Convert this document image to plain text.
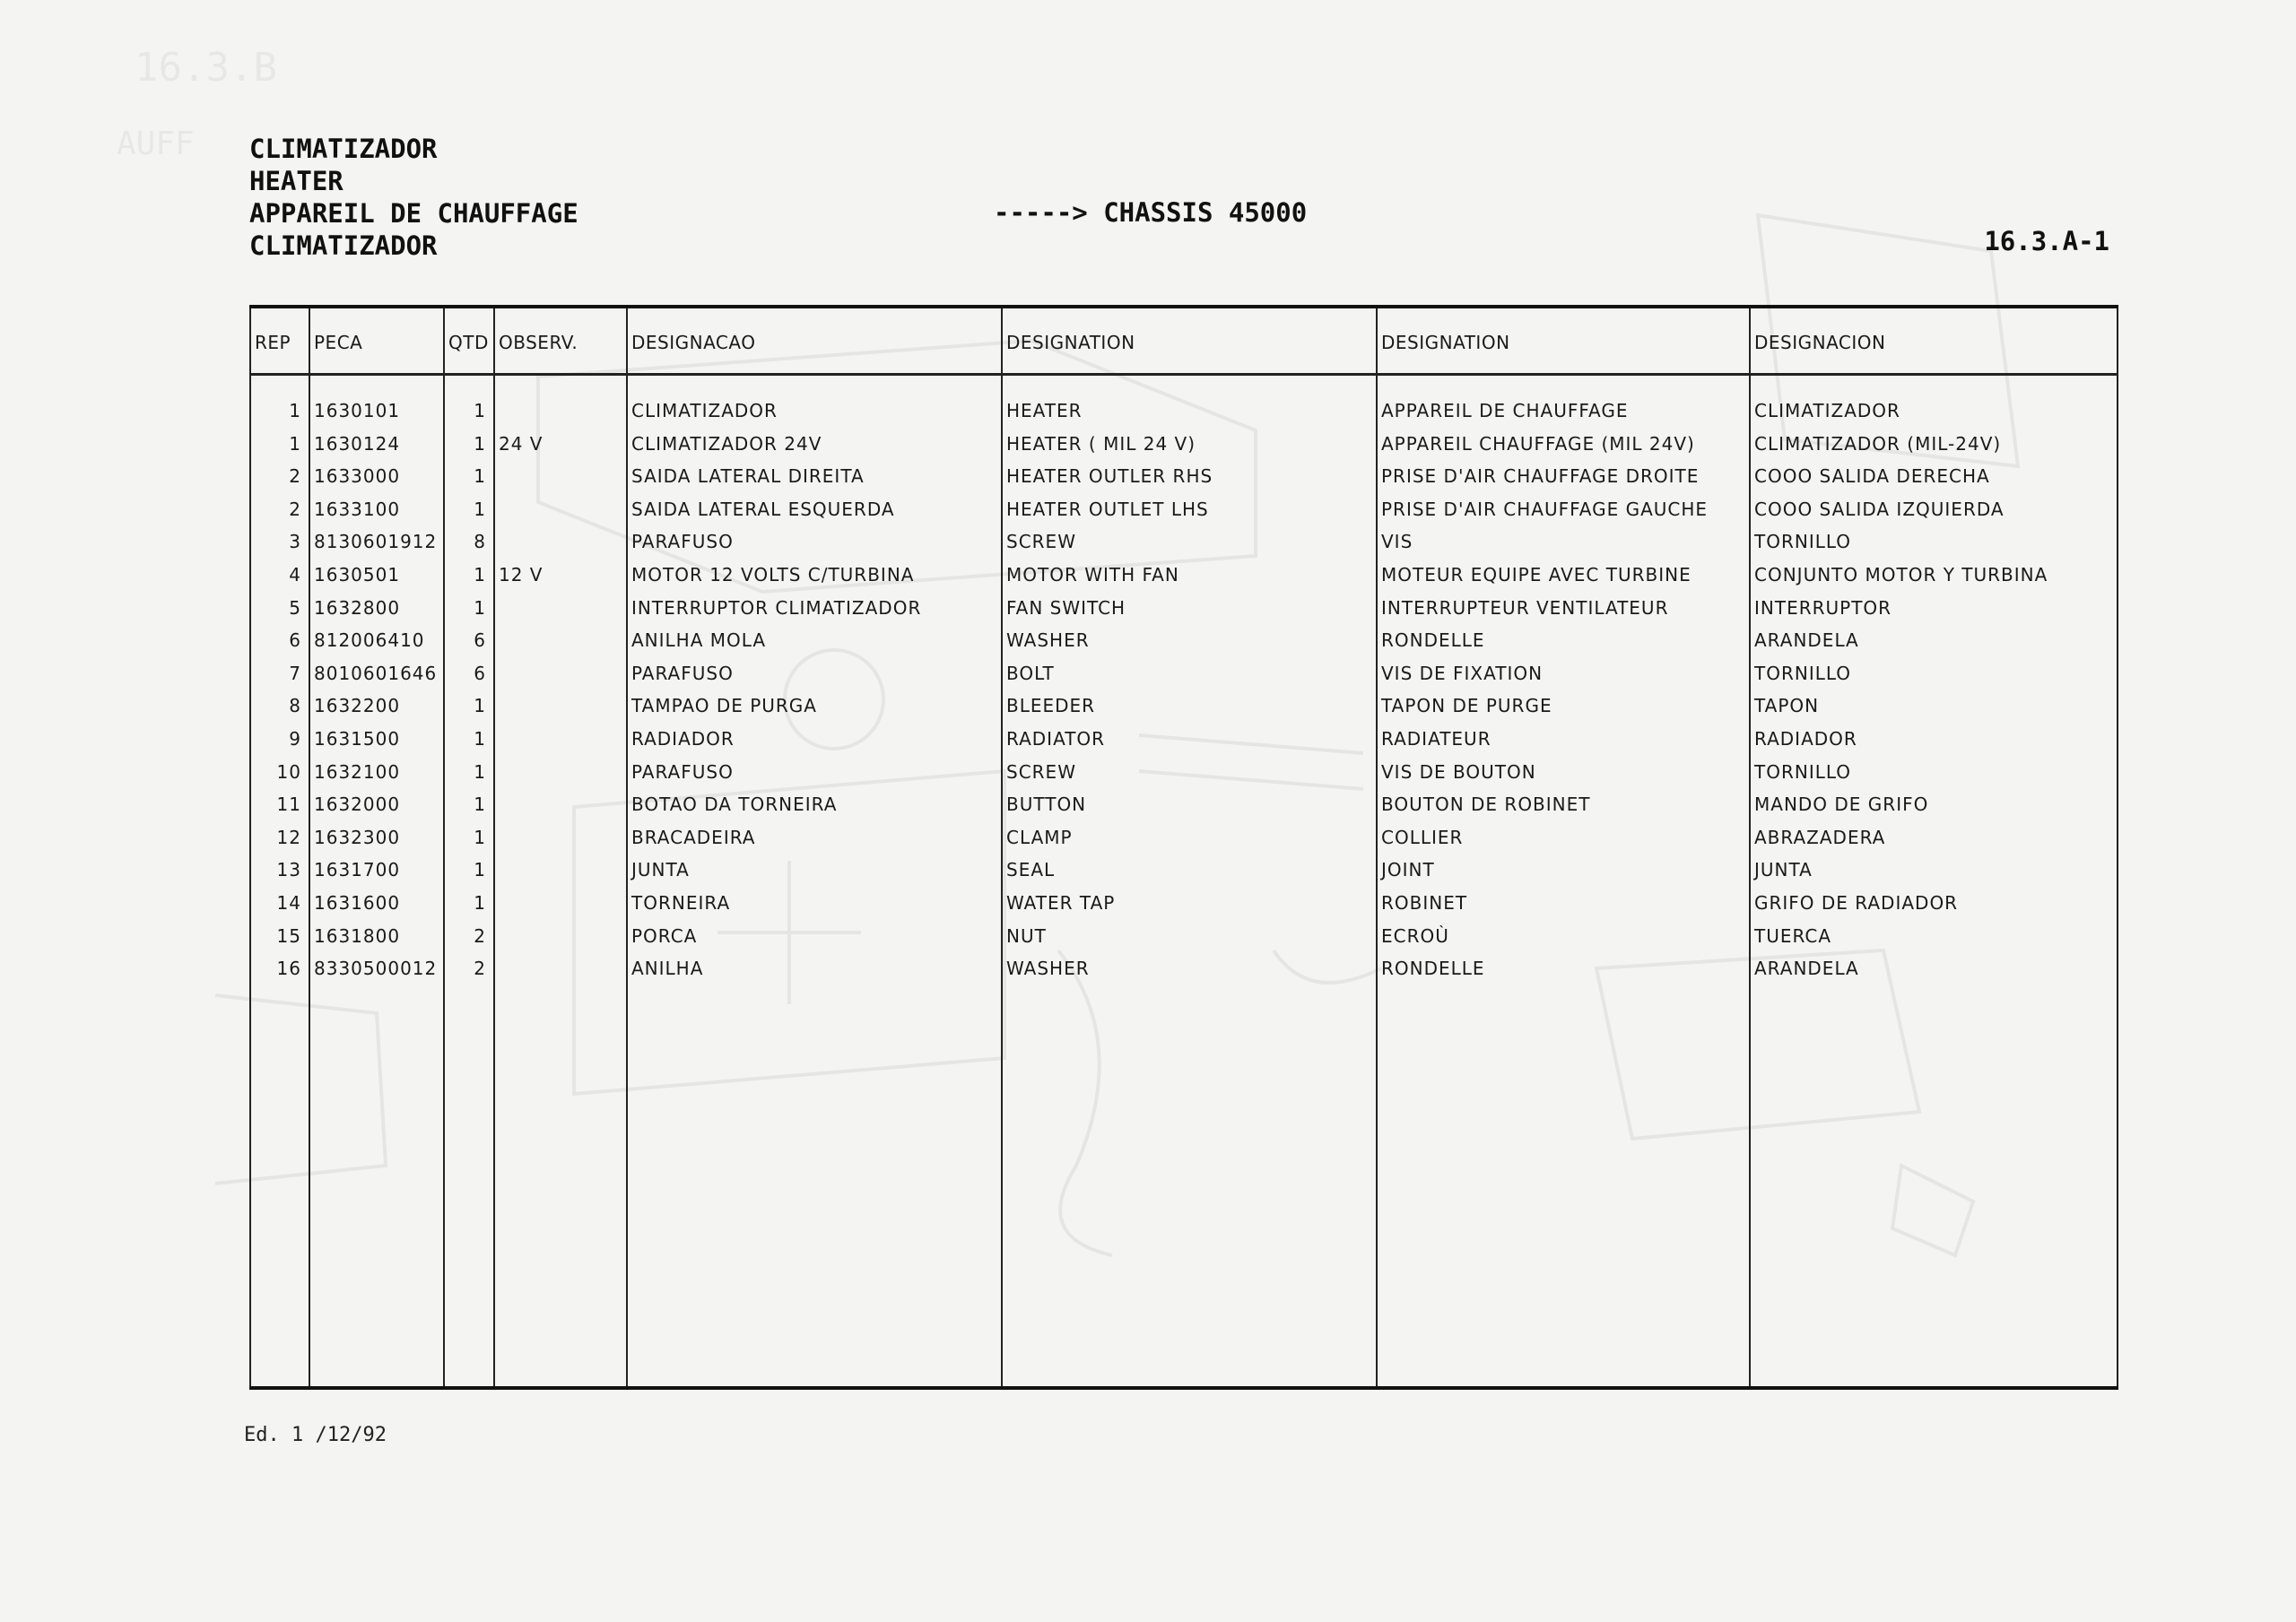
16.3.B
AUFF CLIMATIZADOR
HEATER
APPAREIL DE CHAUFFAGE
CLIMATIZADOR
-----> CHASSIS 45000
16.3.A-1
REP PECA	QTD OBSERV.	DESIGNACAO	DESIGNATION	DESIGNATION	DESIGNACION
1 1630101	1	CLIMATIZADOR	HEATER	APPAREIL DE CHAUFFAGE	CLIMATIZADOR
1 1630124	1 24 V	CLIMATIZADOR 24V	HEATER ( MIL 24 V)	APPAREIL CHAUFFAGE (MIL 24V)	CLIMATIZADOR (MIL-24V)
2 1633000	1	SAIDA LATERAL DIREITA	HEATER OUTLER RHS	PRISE D'AIR CHAUFFAGE DROITE	COOO SALIDA DERECHA
2 1633100	1	SAIDA LATERAL ESQUERDA	HEATER OUTLET LHS	PRISE D'AIR CHAUFFAGE GAUCHE	COOO SALIDA IZQUIERDA
3 8130601912	8	PARAFUSO	SCREW	VIS	TORNILLO
4 1630501	1 12 V	MOTOR 12 VOLTS C/TURBINA	MOTOR WITH FAN	MOTEUR EQUIPE AVEC TURBINE	CONJUNTO MOTOR Y TURBINA
5 1632800	1	INTERRUPTOR CLIMATIZADOR	FAN SWITCH	INTERRUPTEUR VENTILATEUR	INTERRUPTOR
6 812006410	6	ANILHA MOLA	WASHER	RONDELLE	ARANDELA
7 8010601646	6	PARAFUSO	BOLT	VIS DE FIXATION	TORNILLO
8 1632200	1	TAMPAO DE PURGA	BLEEDER	TAPON DE PURGE	TAPON
9 1631500	1	RADIADOR	RADIATOR	RADIATEUR	RADIADOR
10 1632100	1	PARAFUSO	SCREW	VIS DE BOUTON	TORNILLO
11 1632000	1	BOTAO DA TORNEIRA	BUTTON	BOUTON DE ROBINET	MANDO DE GRIFO
12 1632300	1	BRACADEIRA	CLAMP	COLLIER	ABRAZADERA
13 1631700	1	JUNTA	SEAL	JOINT	JUNTA
14 1631600	1	TORNEIRA	WATER TAP	ROBINET	GRIFO DE RADIADOR
15 1631800	2	PORCA	NUT	ECROÙ	TUERCA
16 8330500012	2	ANILHA	WASHER	RONDELLE	ARANDELA
Ed. 1 /12/92
